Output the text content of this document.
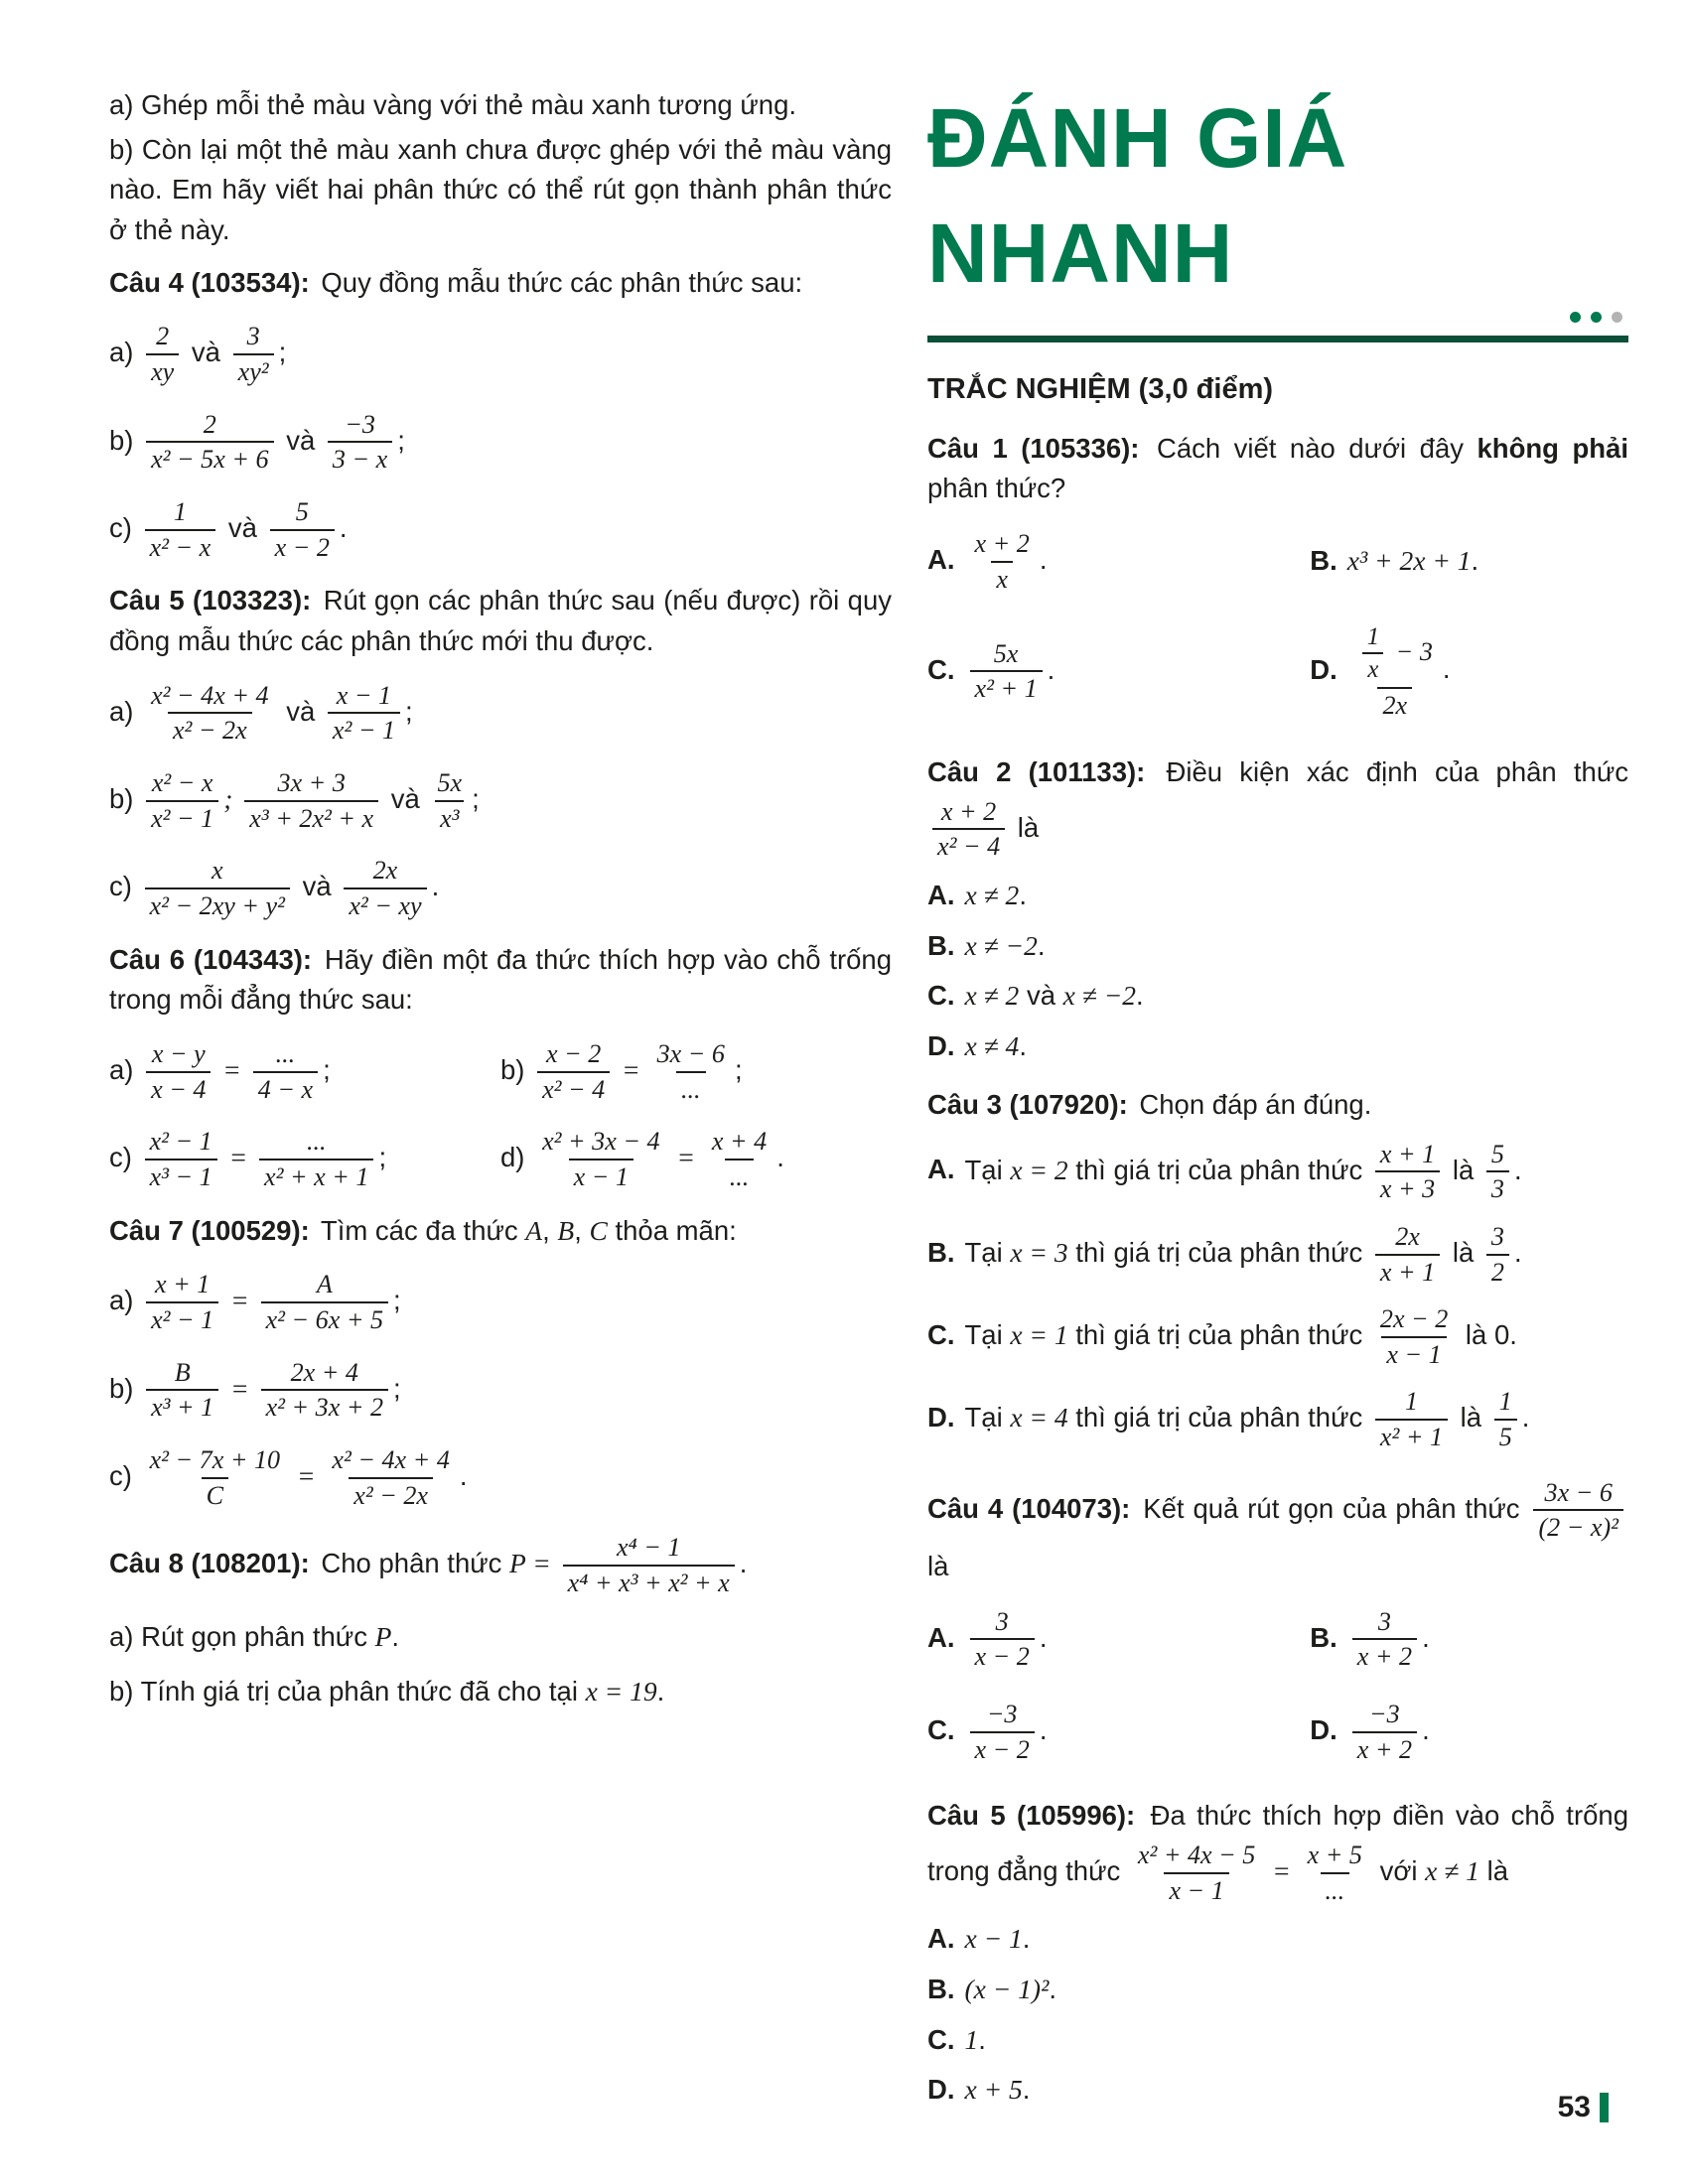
a) Ghép mỗi thẻ màu vàng với thẻ màu xanh tương ứng.

b) Còn lại một thẻ màu xanh chưa được ghép với thẻ màu vàng nào. Em hãy viết hai phân thức có thể rút gọn thành phân thức ở thẻ này.

Câu 4 (103534): Quy đồng mẫu thức các phân thức sau:

$a) \frac{2}{xy}$ và $\frac{3}{\text{xy²}}$ ;
$b) \frac{2}{\text{x² − 5x + 6}}$ và $\frac{-3}{3 - x}$ ;
$c) \frac{1}{\text{x² − x}}$ và $\frac{5}{x - 2}$ .

Câu 5 (103323): Rút gọn các phân thức sau (nếu được) rồi quy đồng mẫu thức các phân thức mới thu được.

$a) \frac{\text{x² − 4x + 4}}{\text{x² − 2x}}$ và $\frac{x - 1}{\text{x² − 1}}$ ;
$b) \frac{\text{x² − x}}{\text{x² − 1}}$ ; $\frac{3x + 3}{\text{x³ + 2x² + x}}$ và $\frac{5x}{\text{x³}}$ ;
$c) \frac{x}{\text{x² − 2xy + y²}}$ và $\frac{2x}{\text{x² − xy}}$ .

Câu 6 (104343): Hãy điền một đa thức thích hợp vào chỗ trống trong mỗi đẳng thức sau:

$a) \frac{x - y}{x - 4} = \frac{...}{4 - x}$ ;	$b) \frac{x - 2}{\text{x² − 4}} = \frac{3x - 6}{...}$ ;
$c) \frac{\text{x² − 1}}{\text{x³ − 1}} = \frac{...}{\text{x² + x + 1}}$ ;	$d) \frac{\text{x² + 3x − 4}}{x - 1} = \frac{x + 4}{...}$ .

Câu 7 (100529): Tìm các đa thức A, B, C thỏa mãn:

$a) \frac{x + 1}{\text{x² − 1}} = \frac{A}{\text{x² − 6x + 5}}$ ;
$b) \frac{B}{\text{x³ + 1}} = \frac{2x + 4}{\text{x² + 3x + 2}}$ ;
$c) \frac{\text{x² − 7x + 10}}{C} = \frac{\text{x² − 4x + 4}}{\text{x² − 2x}}$ .

Câu 8 (108201): Cho phân thức $P = \frac{\text{x⁴ − 1}}{\text{x⁴ + x³ + x² + x}}$ .

a) Rút gọn phân thức P.
b) Tính giá trị của phân thức đã cho tại x = 19.
ĐÁNH GIÁ
NHANH

TRẮC NGHIỆM (3,0 điểm)

Câu 1 (105336): Cách viết nào dưới đây không phải phân thức?

A. $\frac{x + 2}{x}$ .	B. x³ + 2x + 1.
C. $\frac{5x}{\text{x² + 1}}$ .	D. $\frac{\frac{1}{x} - 3}{2x}$ .

Câu 2 (101133): Điều kiện xác định của phân thức
$\frac{x + 2}{\text{x² − 4}}$ là

A. x ≠ 2.
B. x ≠ −2.
C. x ≠ 2 và x ≠ −2.
D. x ≠ 4.

Câu 3 (107920): Chọn đáp án đúng.

A. Tại x = 2 thì giá trị của phân thức $\frac{x + 1}{x + 3}$ là $\frac{5}{3}$ .
B. Tại x = 3 thì giá trị của phân thức $\frac{2x}{x + 1}$ là $\frac{3}{2}$ .
C. Tại x = 1 thì giá trị của phân thức $\frac{2x - 2}{x - 1}$ là 0.
D. Tại x = 4 thì giá trị của phân thức $\frac{1}{\text{x² + 1}}$ là $\frac{1}{5}$ .

Câu 4 (104073): Kết quả rút gọn của phân thức $\frac{3x - 6}{\text{(2 − x)²}}$
là

A. $\frac{3}{x - 2}$ .	B. $\frac{3}{x + 2}$ .
C. $\frac{-3}{x - 2}$ .	D. $\frac{-3}{x + 2}$ .

Câu 5 (105996): Đa thức thích hợp điền vào chỗ trống trong đẳng thức $\frac{\text{x² + 4x − 5}}{x - 1} = \frac{x + 5}{...}$ với x ≠ 1 là

A. x − 1.
B. (x − 1)².
C. 1.
D. x + 5.
53
